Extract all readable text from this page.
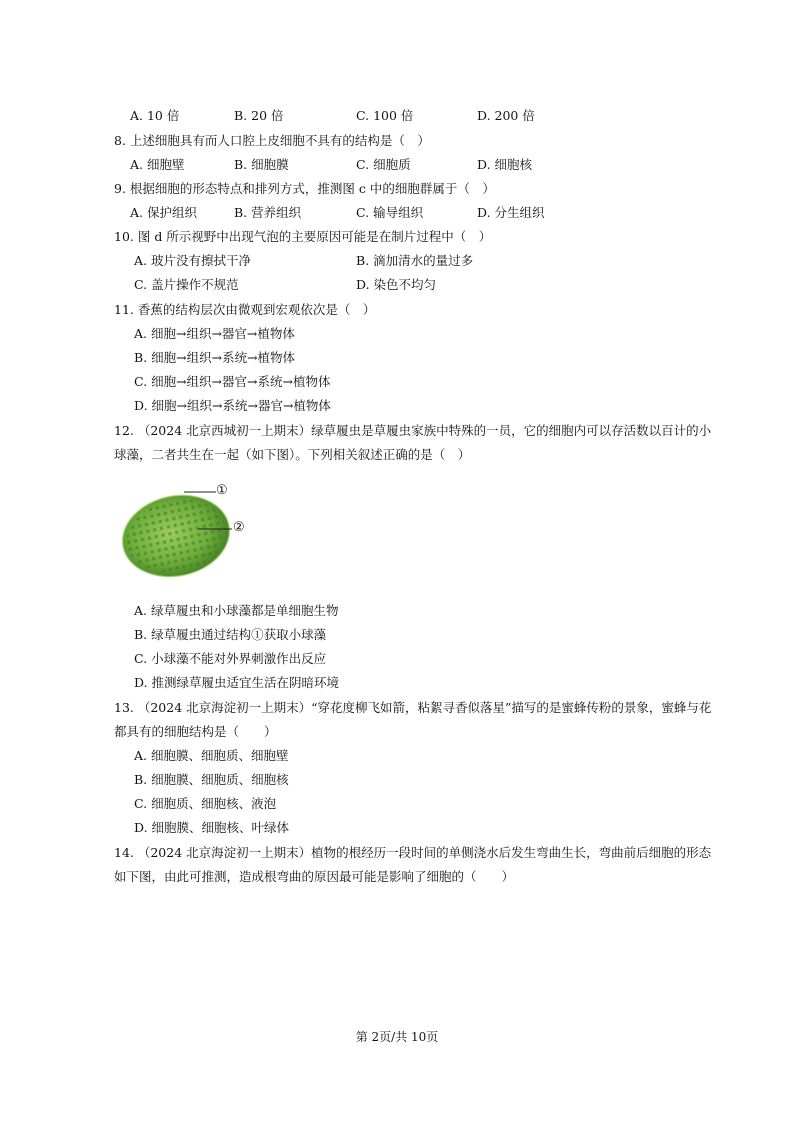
A. 10 倍	B. 20 倍	C. 100 倍	D. 200 倍
8. 上述细胞具有而人口腔上皮细胞不具有的结构是（　）
A. 细胞壁	B. 细胞膜	C. 细胞质	D. 细胞核
9. 根据细胞的形态特点和排列方式，推测图 c 中的细胞群属于（　）
A. 保护组织	B. 营养组织	C. 输导组织	D. 分生组织
10. 图 d 所示视野中出现气泡的主要原因可能是在制片过程中（　）
A. 玻片没有擦拭干净	B. 滴加清水的量过多
C. 盖片操作不规范	D. 染色不均匀
11. 香蕉的结构层次由微观到宏观依次是（　）
A. 细胞→组织→器官→植物体
B. 细胞→组织→系统→植物体
C. 细胞→组织→器官→系统→植物体
D. 细胞→组织→系统→器官→植物体
12. （2024 北京西城初一上期末）绿草履虫是草履虫家族中特殊的一员，它的细胞内可以存活数以百计的小
球藻，二者共生在一起（如下图）。下列相关叙述正确的是（　）
①
②
A. 绿草履虫和小球藻都是单细胞生物
B. 绿草履虫通过结构①获取小球藻
C. 小球藻不能对外界刺激作出反应
D. 推测绿草履虫适宜生活在阴暗环境
13. （2024 北京海淀初一上期末）“穿花度柳飞如箭，粘絮寻香似落星”描写的是蜜蜂传粉的景象，蜜蜂与花
都具有的细胞结构是（　　）
A. 细胞膜、细胞质、细胞壁
B. 细胞膜、细胞质、细胞核
C. 细胞质、细胞核、液泡
D. 细胞膜、细胞核、叶绿体
14. （2024 北京海淀初一上期末）植物的根经历一段时间的单侧浇水后发生弯曲生长，弯曲前后细胞的形态
如下图，由此可推测，造成根弯曲的原因最可能是影响了细胞的（　　）
第 2页/共 10页
